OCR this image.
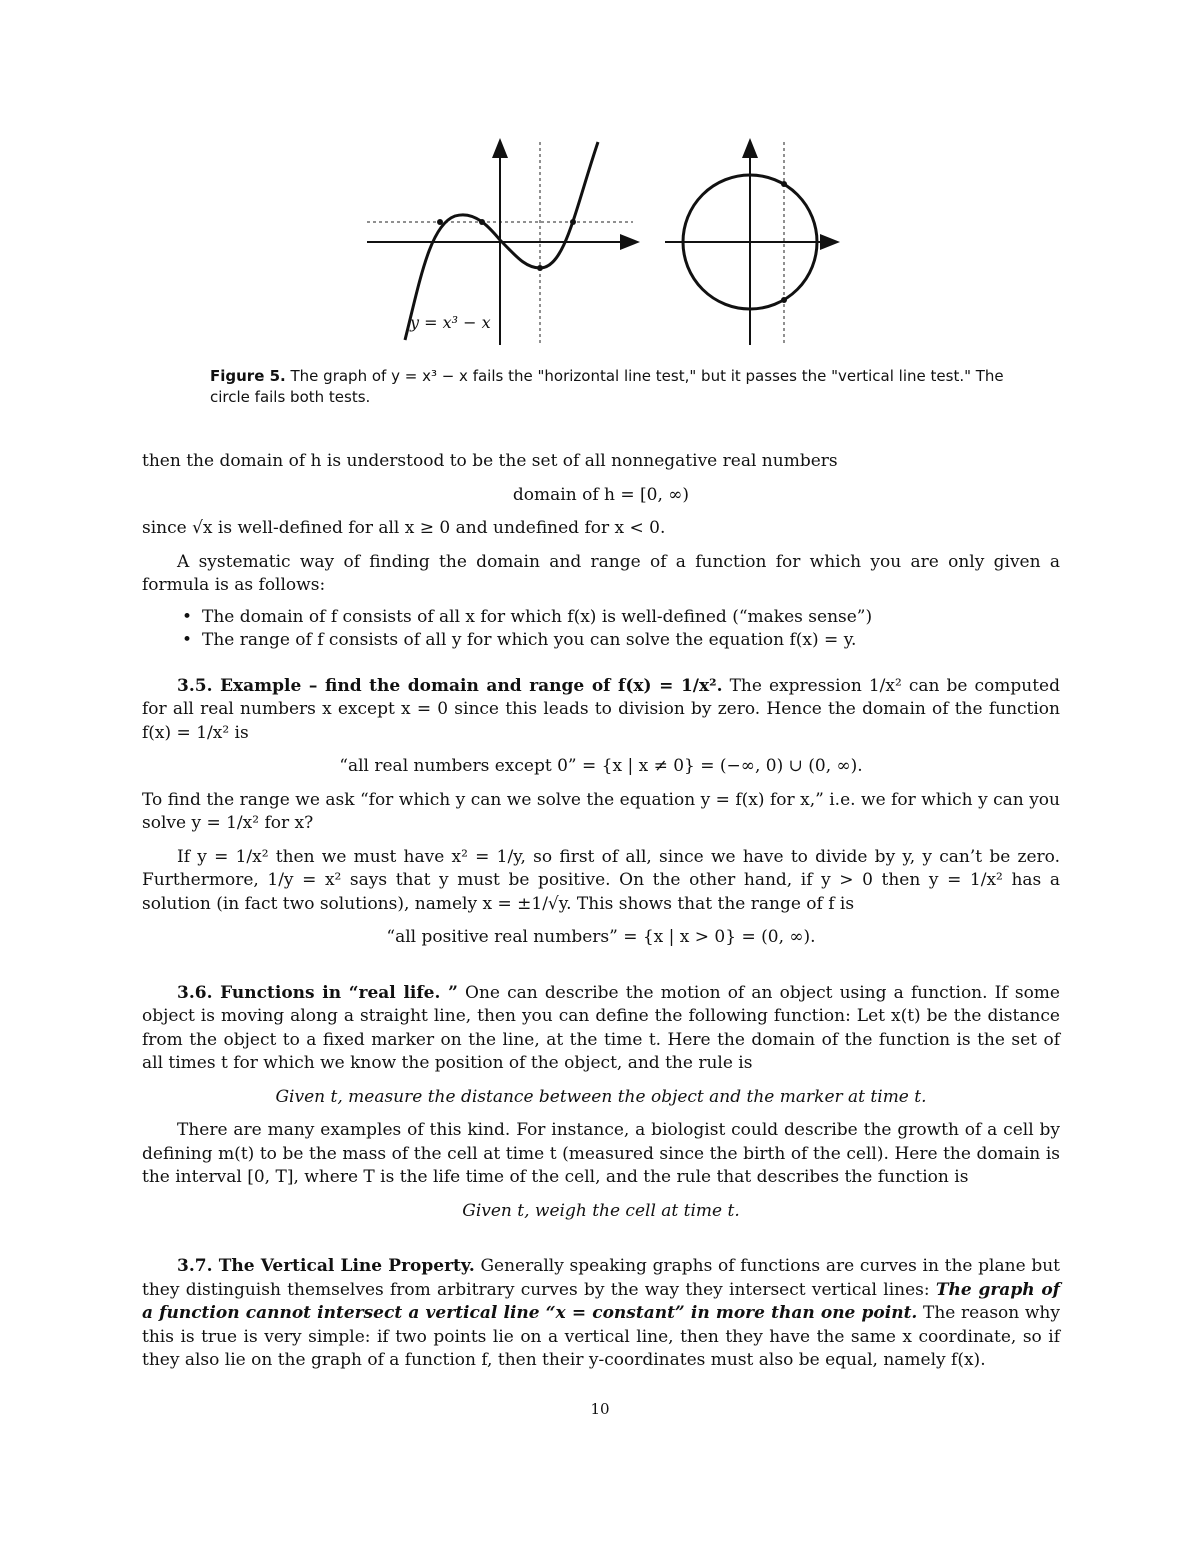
y = x³ − x
Figure 5. The graph of y = x³ − x fails the "horizontal line test," but it passes the "vertical line test." The circle fails both tests.

then the domain of h is understood to be the set of all nonnegative real numbers

domain of h = [0, ∞)

since √x is well-defined for all x ≥ 0 and undefined for x < 0.

A systematic way of finding the domain and range of a function for which you are only given a formula is as follows:

• The domain of f consists of all x for which f(x) is well-defined (“makes sense”)
• The range of f consists of all y for which you can solve the equation f(x) = y.

3.5. Example – find the domain and range of f(x) = 1/x². The expression 1/x² can be computed for all real numbers x except x = 0 since this leads to division by zero. Hence the domain of the function f(x) = 1/x² is

“all real numbers except 0” = {x | x ≠ 0} = (−∞, 0) ∪ (0, ∞).

To find the range we ask “for which y can we solve the equation y = f(x) for x,” i.e. we for which y can you solve y = 1/x² for x?

If y = 1/x² then we must have x² = 1/y, so first of all, since we have to divide by y, y can’t be zero. Furthermore, 1/y = x² says that y must be positive. On the other hand, if y > 0 then y = 1/x² has a solution (in fact two solutions), namely x = ±1/√y. This shows that the range of f is

“all positive real numbers” = {x | x > 0} = (0, ∞).

3.6. Functions in “real life. ” One can describe the motion of an object using a function. If some object is moving along a straight line, then you can define the following function: Let x(t) be the distance from the object to a fixed marker on the line, at the time t. Here the domain of the function is the set of all times t for which we know the position of the object, and the rule is

Given t, measure the distance between the object and the marker at time t.

There are many examples of this kind. For instance, a biologist could describe the growth of a cell by defining m(t) to be the mass of the cell at time t (measured since the birth of the cell). Here the domain is the interval [0, T], where T is the life time of the cell, and the rule that describes the function is

Given t, weigh the cell at time t.

3.7. The Vertical Line Property. Generally speaking graphs of functions are curves in the plane but they distinguish themselves from arbitrary curves by the way they intersect vertical lines: The graph of a function cannot intersect a vertical line “x = constant” in more than one point. The reason why this is true is very simple: if two points lie on a vertical line, then they have the same x coordinate, so if they also lie on the graph of a function f, then their y-coordinates must also be equal, namely f(x).

10
